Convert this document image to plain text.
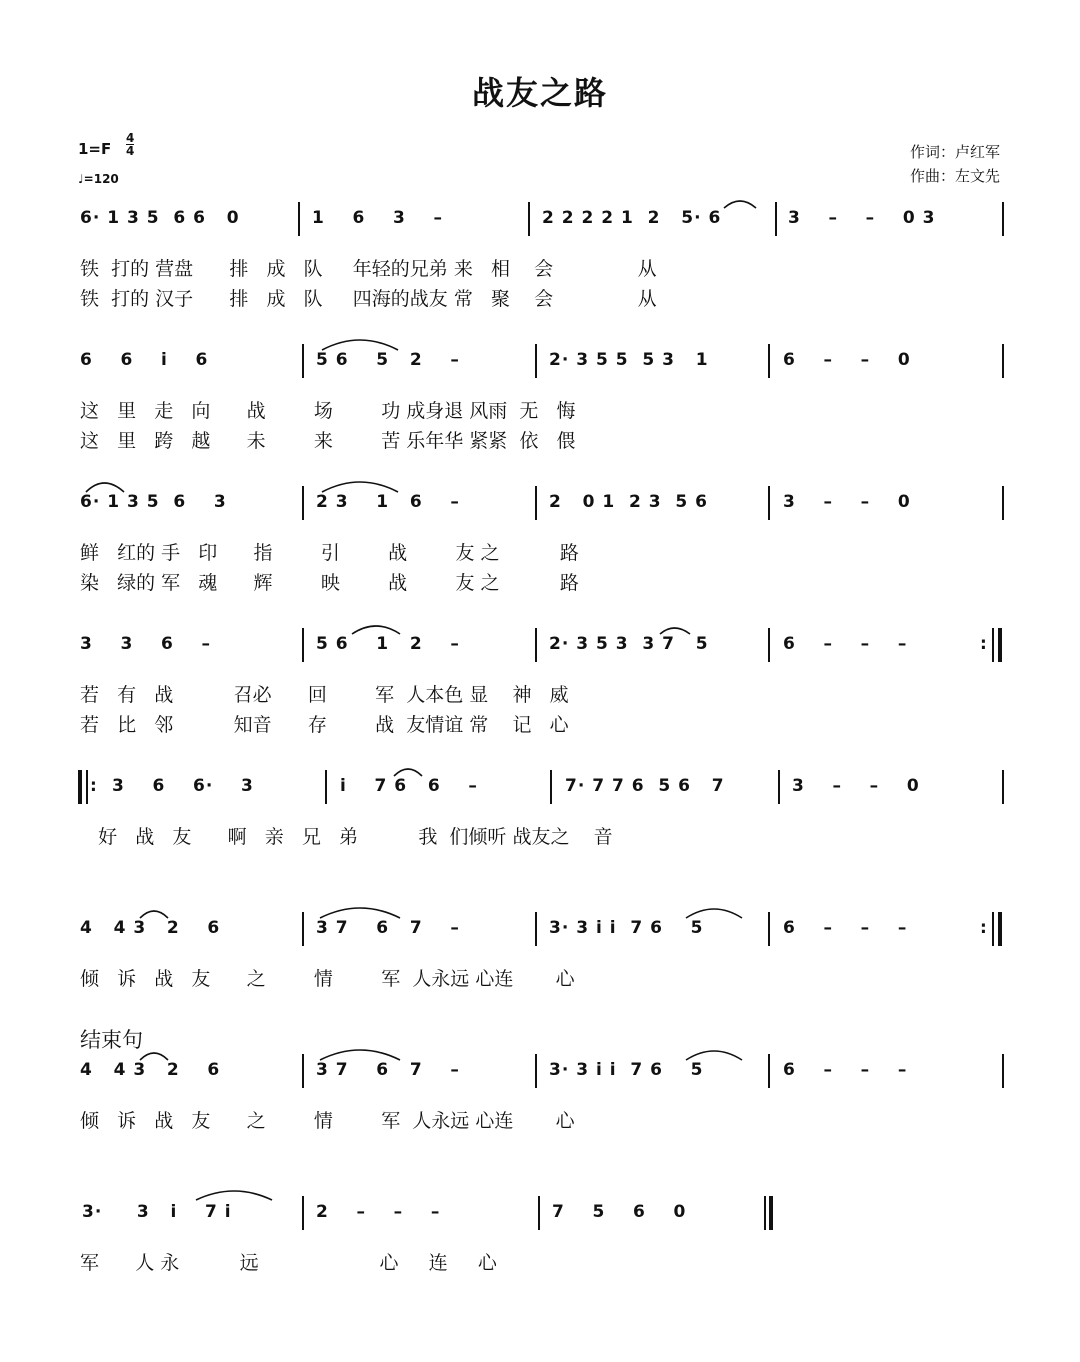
战友之路
$1=F \frac{4}{4}$
♩=120
作词：卢红军
作曲：左文先
6· 1 3 5  6 6   0	1    6    3    –	2 2 2 2 1  2   5· 6	3    –    –    0 3
铁  打的 营盘      排   成   队     年轻的兄弟 来   相    会              从
铁  打的 汉子      排   成   队     四海的战友 常   聚    会              从
6    6    i    6	5 6    5   2    –	2· 3 5 5  5 3   1	6    –    –    0
这   里   走   向      战        场        功 成身退 风雨  无   悔
这   里   跨   越      未        来        苦 乐年华 紧紧  依   偎
6· 1 3 5  6    3	2 3    1   6    –	2   0 1  2 3  5 6	3    –    –    0
鲜   红的 手   印      指        引        战        友 之          路
染   绿的 军   魂      辉        映        战        友 之          路
3    3    6    –	5 6    1   2    –	2· 3 5 3  3 7   5	6    –    –    –	:
若   有   战          召必      回        军  人本色 显    神   威
若   比   邻          知音      存        战  友情谊 常    记   心
: 3    6    6·    3	i    7 6   6    –	7· 7 7 6  5 6   7	3    –    –    0
好   战   友      啊   亲   兄   弟          我  们倾听 战友之    音
4   4 3   2    6	3 7    6   7    –	3· 3 i i  7 6    5	6    –    –    –	:
倾   诉   战   友      之        情        军  人永远 心连       心
结束句
4   4 3   2    6	3 7    6   7    –	3· 3 i i  7 6    5	6    –    –    –
倾   诉   战   友      之        情        军  人永远 心连       心
3·     3   i    7 i	2    –    –    –	7    5    6    0
军      人 永          远                    心     连     心
